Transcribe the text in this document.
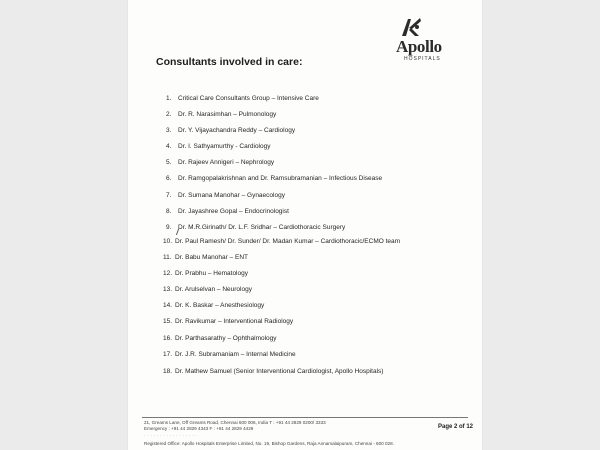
Apollo
HOSPITALS
Consultants involved in care:
1. Critical Care Consultants Group – Intensive Care
2. Dr. R. Narasimhan – Pulmonology
3. Dr. Y. Vijayachandra Reddy – Cardiology
4. Dr. I. Sathyamurthy - Cardiology
5. Dr. Rajeev Annigeri – Nephrology
6. Dr. Ramgopalakrishnan and Dr. Ramsubramanian – Infectious Disease
7. Dr. Sumana Manohar – Gynaecology
8. Dr. Jayashree Gopal – Endocrinologist
9. Dr. M.R.Girinath/ Dr. L.F. Sridhar – Cardiothoracic Surgery
10. Dr. Paul Ramesh/ Dr. Sunder/ Dr. Madan Kumar – Cardiothoracic/ECMO team
11. Dr. Babu Manohar – ENT
12. Dr. Prabhu – Hematology
13. Dr. Arulselvan – Neurology
14. Dr. K. Baskar – Anesthesiology
15. Dr. Ravikumar – Interventional Radiology
16. Dr. Parthasarathy – Ophthalmology
17. Dr. J.R. Subramaniam – Internal Medicine
18. Dr. Mathew Samuel (Senior Interventional Cardiologist, Apollo Hospitals)
21, Greams Lane, Off Greams Road, Chennai 600 006, India T : +91 44 2829 0200/ 3333
Emergency : +91 44 2829 4343 F : +91 44 2829 4429
· · · · · · · · · · · · · · · · ·
Registered Office: Apollo Hospitals Enterprise Limited, No. 19, Bishop Gardens, Raja Annamalaipuram, Chennai - 600 028.
Page 2 of 12
